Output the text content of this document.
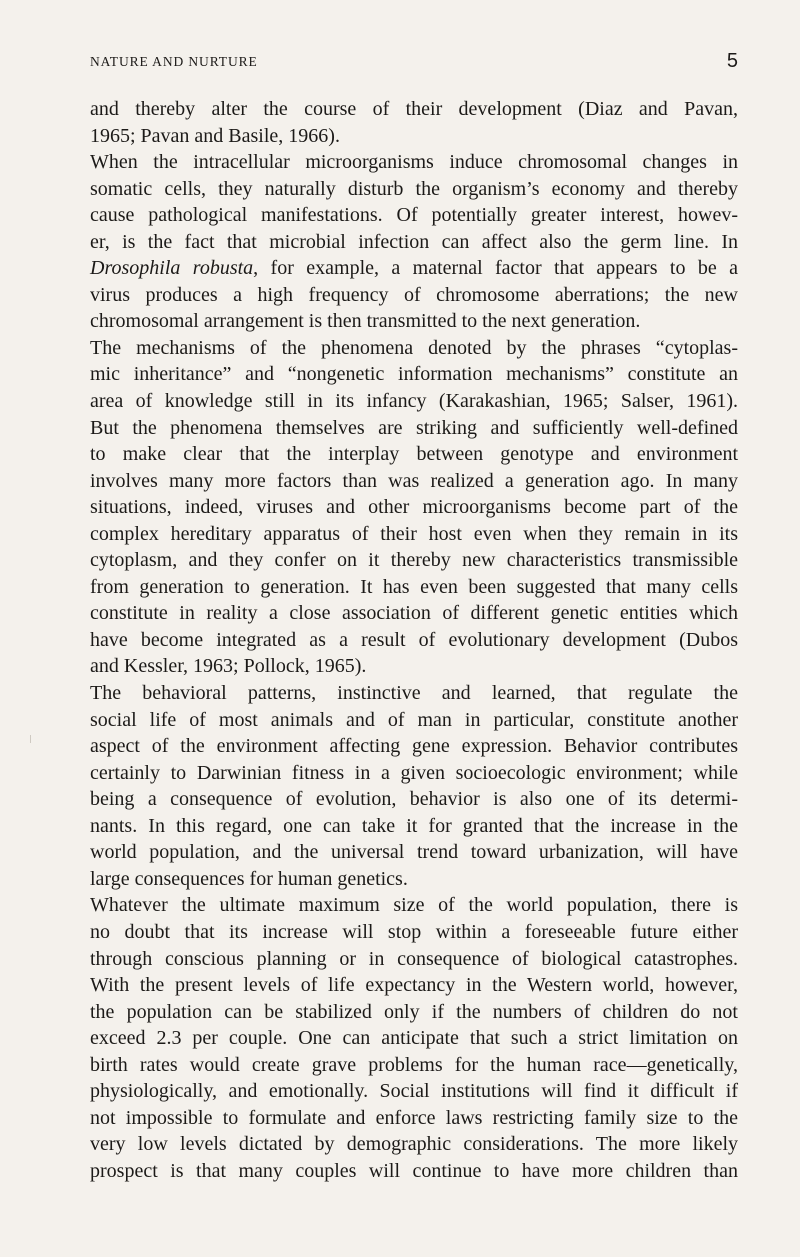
NATURE AND NURTURE	5

and thereby alter the course of their development (Diaz and Pavan,
1965; Pavan and Basile, 1966).

When the intracellular microorganisms induce chromosomal changes in
somatic cells, they naturally disturb the organism’s economy and thereby
cause pathological manifestations. Of potentially greater interest, howev-
er, is the fact that microbial infection can affect also the germ line. In
Drosophila robusta, for example, a maternal factor that appears to be a
virus produces a high frequency of chromosome aberrations; the new
chromosomal arrangement is then transmitted to the next generation.

The mechanisms of the phenomena denoted by the phrases “cytoplas-
mic inheritance” and “nongenetic information mechanisms” constitute an
area of knowledge still in its infancy (Karakashian, 1965; Salser, 1961).
But the phenomena themselves are striking and sufficiently well-defined
to make clear that the interplay between genotype and environment
involves many more factors than was realized a generation ago. In many
situations, indeed, viruses and other microorganisms become part of the
complex hereditary apparatus of their host even when they remain in its
cytoplasm, and they confer on it thereby new characteristics transmissible
from generation to generation. It has even been suggested that many cells
constitute in reality a close association of different genetic entities which
have become integrated as a result of evolutionary development (Dubos
and Kessler, 1963; Pollock, 1965).

The behavioral patterns, instinctive and learned, that regulate the
social life of most animals and of man in particular, constitute another
aspect of the environment affecting gene expression. Behavior contributes
certainly to Darwinian fitness in a given socioecologic environment; while
being a consequence of evolution, behavior is also one of its determi-
nants. In this regard, one can take it for granted that the increase in the
world population, and the universal trend toward urbanization, will have
large consequences for human genetics.

Whatever the ultimate maximum size of the world population, there is
no doubt that its increase will stop within a foreseeable future either
through conscious planning or in consequence of biological catastrophes.
With the present levels of life expectancy in the Western world, however,
the population can be stabilized only if the numbers of children do not
exceed 2.3 per couple. One can anticipate that such a strict limitation on
birth rates would create grave problems for the human race—genetically,
physiologically, and emotionally. Social institutions will find it difficult if
not impossible to formulate and enforce laws restricting family size to the
very low levels dictated by demographic considerations. The more likely
prospect is that many couples will continue to have more children than
